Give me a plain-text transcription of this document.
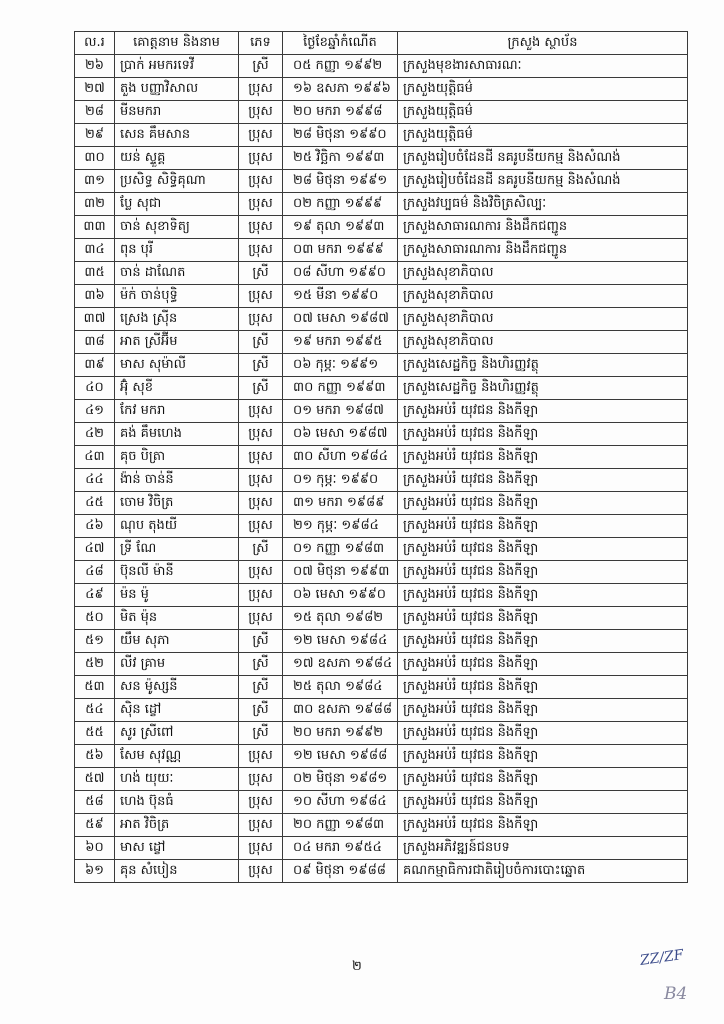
ល.រ	គោត្តនាម និងនាម	ភេទ	ថ្ងៃខែឆ្នាំកំណើត	ក្រសួង ស្ថាប័ន
២៦	ប្រាក់ អមករទេវី	ស្រី	០៥ កញ្ញា ១៩៩២	ក្រសួងមុខងារសាធារណៈ
២៧	តួង បញ្ញាវិសាល	ប្រុស	១៦ ឧសភា ១៩៩៦	ក្រសួងយុត្តិធម៌
២៨	មីនមករា	ប្រុស	២០ មករា ១៩៩៨	ក្រសួងយុត្តិធម៌
២៩	សេន គឹមសាន	ប្រុស	២៨ មិថុនា ១៩៩០	ក្រសួងយុត្តិធម៌
៣០	យន់ ស្ទួគ្គ	ប្រុស	២៥ វិច្ឆិកា ១៩៩៣	ក្រសួងរៀបចំដែនដី នគរូបនីយកម្ម និងសំណង់
៣១	ប្រសិទ្ធ សិទ្ធិគុណា	ប្រុស	២៨ មិថុនា ១៩៩១	ក្រសួងរៀបចំដែនដី នគរូបនីយកម្ម និងសំណង់
៣២	ប្លែ សុជា	ប្រុស	០២ កញ្ញា ១៩៩៩	ក្រសួងវប្បធម៌ និងវិចិត្រសិល្បៈ
៣៣	ចាន់ សុខាទិត្យ	ប្រុស	១៩ តុលា ១៩៩៣	ក្រសួងសាធារណការ និងដឹកជញ្ជូន
៣៤	ពុន បុរី	ប្រុស	០៣ មករា ១៩៩៩	ក្រសួងសាធារណការ និងដឹកជញ្ជូន
៣៥	ចាន់ ដាណែត	ស្រី	០៨ សីហា ១៩៩០	ក្រសួងសុខាភិបាល
៣៦	ម៉ក់ ចាន់បុទ្ធិ	ប្រុស	១៥ មីនា ១៩៩០	ក្រសួងសុខាភិបាល
៣៧	ស្រេង ស្រ៊ីន	ប្រុស	០៧ មេសា ១៩៨៧	ក្រសួងសុខាភិបាល
៣៨	អាត ស្រីអ៊ីម	ស្រី	១៩ មករា ១៩៩៥	ក្រសួងសុខាភិបាល
៣៩	មាស សុម៉ាលី	ស្រី	០៦ កុម្ភៈ ១៩៩១	ក្រសួងសេដ្ឋកិច្ច និងហិរញ្ញវត្ថុ
៤០	អ៊ុំ សុខី	ស្រី	៣០ កញ្ញា ១៩៩៣	ក្រសួងសេដ្ឋកិច្ច និងហិរញ្ញវត្ថុ
៤១	កែវ មករា	ប្រុស	០១ មករា ១៩៨៧	ក្រសួងអប់រំ យុវជន និងកីឡា
៤២	គង់ គឹមហេង	ប្រុស	០៦ មេសា ១៩៨៧	ក្រសួងអប់រំ យុវជន និងកីឡា
៤៣	គុច បិត្រា	ប្រុស	៣០ សីហា ១៩៨៤	ក្រសួងអប់រំ យុវជន និងកីឡា
៤៤	ង៉ាន់ ចាន់នី	ប្រុស	០១ កុម្ភៈ ១៩៩០	ក្រសួងអប់រំ យុវជន និងកីឡា
៤៥	ចោម វិចិត្រ	ប្រុស	៣១ មករា ១៩៨៩	ក្រសួងអប់រំ យុវជន និងកីឡា
៤៦	ណុប តុងយី	ប្រុស	២១ កុម្ភៈ ១៩៨៤	ក្រសួងអប់រំ យុវជន និងកីឡា
៤៧	ទ្រី ណែ	ស្រី	០១ កញ្ញា ១៩៨៣	ក្រសួងអប់រំ យុវជន និងកីឡា
៤៨	ប៊ុនលី ម៉ានី	ប្រុស	០៧ មិថុនា ១៩៩៣	ក្រសួងអប់រំ យុវជន និងកីឡា
៤៩	ម៉ន ម៉ូ	ប្រុស	០៦ មេសា ១៩៩០	ក្រសួងអប់រំ យុវជន និងកីឡា
៥០	មិត ម៉ុន	ប្រុស	១៥ តុលា ១៩៨២	ក្រសួងអប់រំ យុវជន និងកីឡា
៥១	យឹម សុភា	ស្រី	១២ មេសា ១៩៨៤	ក្រសួងអប់រំ យុវជន និងកីឡា
៥២	លីវ គ្រាម	ស្រី	១៧ ឧសភា ១៩៨៤	ក្រសួងអប់រំ យុវជន និងកីឡា
៥៣	សន ម៉ូស្សនី	ស្រី	២៥ តុលា ១៩៨៤	ក្រសួងអប់រំ យុវជន និងកីឡា
៥៤	ស៊ិន ដ្ខៅ	ស្រី	៣០ ឧសភា ១៩៨៨	ក្រសួងអប់រំ យុវជន និងកីឡា
៥៥	សូរ ស្រីពៅ	ស្រី	២០ មករា ១៩៩២	ក្រសួងអប់រំ យុវជន និងកីឡា
៥៦	សែម សុវណ្ណ	ប្រុស	១២ មេសា ១៩៨៨	ក្រសួងអប់រំ យុវជន និងកីឡា
៥៧	ហង់ យុយៈ	ប្រុស	០២ មិថុនា ១៩៨១	ក្រសួងអប់រំ យុវជន និងកីឡា
៥៨	ហេង ប៊ុនធំ	ប្រុស	១០ សីហា ១៩៨៤	ក្រសួងអប់រំ យុវជន និងកីឡា
៥៩	អាត វិចិត្រ	ប្រុស	២០ កញ្ញា ១៩៨៣	ក្រសួងអប់រំ យុវជន និងកីឡា
៦០	មាស ដ្ខៅ	ប្រុស	០៤ មករា ១៩៥៤	ក្រសួងអភិវឌ្ឍន៍ជនបទ
៦១	គុន សំបៀន	ប្រុស	០៩ មិថុនា ១៩៨៨	គណកម្មាធិការជាតិរៀបចំការបោះឆ្នោត
២	ZZ/ZF
B4
